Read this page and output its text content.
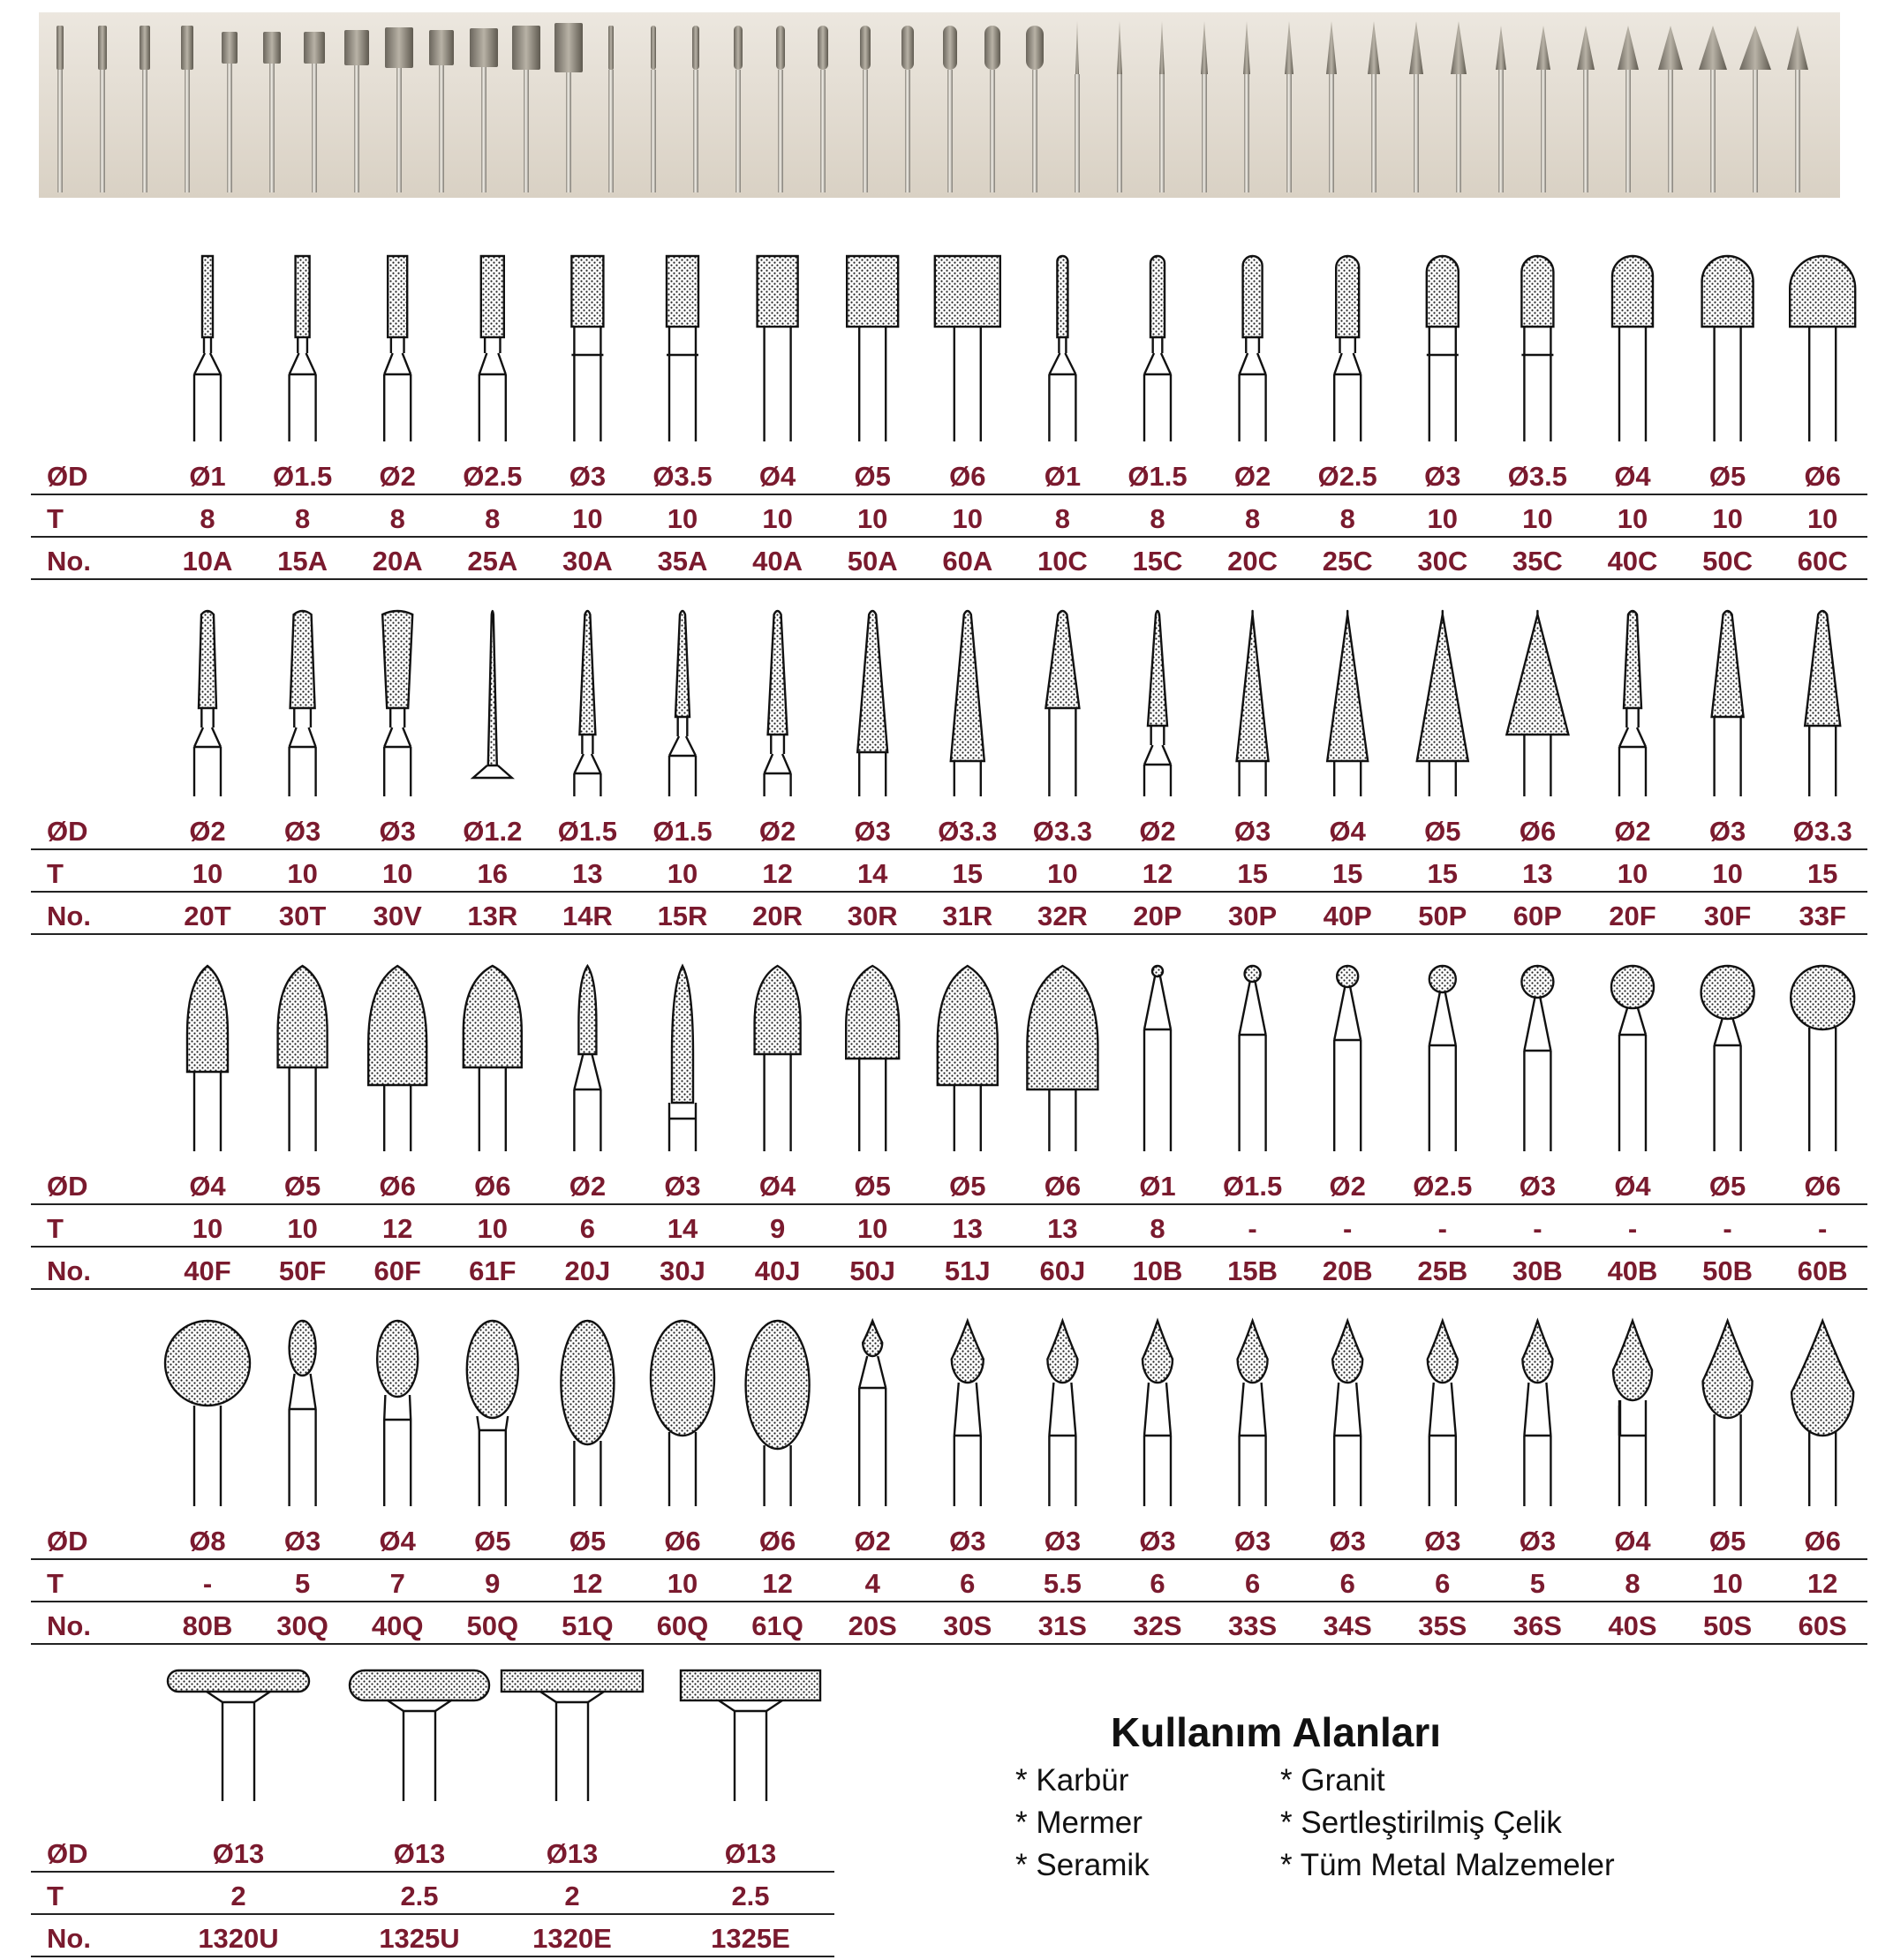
ØD	Ø1	Ø1.5	Ø2	Ø2.5	Ø3	Ø3.5	Ø4	Ø5	Ø6	Ø1	Ø1.5	Ø2	Ø2.5	Ø3	Ø3.5	Ø4	Ø5	Ø6
T	8	8	8	8	10	10	10	10	10	8	8	8	8	10	10	10	10	10
No.	10A	15A	20A	25A	30A	35A	40A	50A	60A	10C	15C	20C	25C	30C	35C	40C	50C	60C
ØD	Ø2	Ø3	Ø3	Ø1.2	Ø1.5	Ø1.5	Ø2	Ø3	Ø3.3	Ø3.3	Ø2	Ø3	Ø4	Ø5	Ø6	Ø2	Ø3	Ø3.3
T	10	10	10	16	13	10	12	14	15	10	12	15	15	15	13	10	10	15
No.	20T	30T	30V	13R	14R	15R	20R	30R	31R	32R	20P	30P	40P	50P	60P	20F	30F	33F
ØD	Ø4	Ø5	Ø6	Ø6	Ø2	Ø3	Ø4	Ø5	Ø5	Ø6	Ø1	Ø1.5	Ø2	Ø2.5	Ø3	Ø4	Ø5	Ø6
T	10	10	12	10	6	14	9	10	13	13	8	-	-	-	-	-	-	-
No.	40F	50F	60F	61F	20J	30J	40J	50J	51J	60J	10B	15B	20B	25B	30B	40B	50B	60B
ØD	Ø8	Ø3	Ø4	Ø5	Ø5	Ø6	Ø6	Ø2	Ø3	Ø3	Ø3	Ø3	Ø3	Ø3	Ø3	Ø4	Ø5	Ø6
T	-	5	7	9	12	10	12	4	6	5.5	6	6	6	6	5	8	10	12
No.	80B	30Q	40Q	50Q	51Q	60Q	61Q	20S	30S	31S	32S	33S	34S	35S	36S	40S	50S	60S
ØD	Ø13	Ø13	Ø13	Ø13
T	2	2.5	2	2.5
No.	1320U	1325U	1320E	1325E
Kullanım Alanları
* Karbür
* Mermer
* Seramik
* Granit
* Sertleştirilmiş Çelik
* Tüm Metal Malzemeler
